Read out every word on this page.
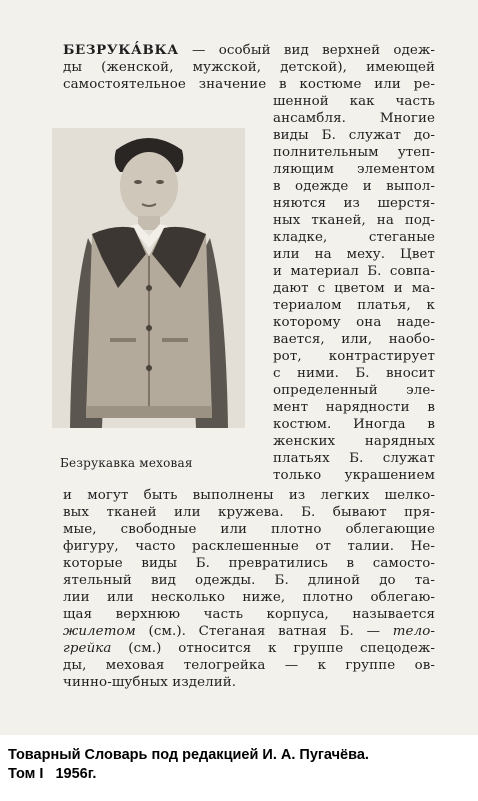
БЕЗРУКА́ВКА — особый вид верхней одеж-

ды (женской, мужской, детской), имеющей

самостоятельное значение в костюме или ре-

шенной как часть

ансамбля. Многие

виды Б. служат до-

полнительным утеп-

ляющим элементом

в одежде и выпол-

няются из шерстя-

ных тканей, на под-

кладке, стеганые

или на меху. Цвет

и материал Б. совпа-

дают с цветом и ма-

териалом платья, к

которому она наде-

вается, или, наобо-

рот, контрастирует

с ними. Б. вносит

определенный эле-

мент нарядности в

костюм. Иногда в

женских нарядных

платьях Б. служат

только украшением

Безрукавка меховая

и могут быть выполнены из легких шелко-

вых тканей или кружева. Б. бывают пря-

мые, свободные или плотно облегающие

фигуру, часто расклешенные от талии. Не-

которые виды Б. превратились в самосто-

ятельный вид одежды. Б. длиной до та-

лии или несколько ниже, плотно облегаю-

щая верхнюю часть корпуса, называется

жилетом (см.). Стеганая ватная Б. — тело-

грейка (см.) относится к группе спецодеж-

ды, меховая телогрейка — к группе ов-

чинно-шубных изделий.

Товарный Словарь под редакцией И. А. Пугачёва.
Том I   1956г.
